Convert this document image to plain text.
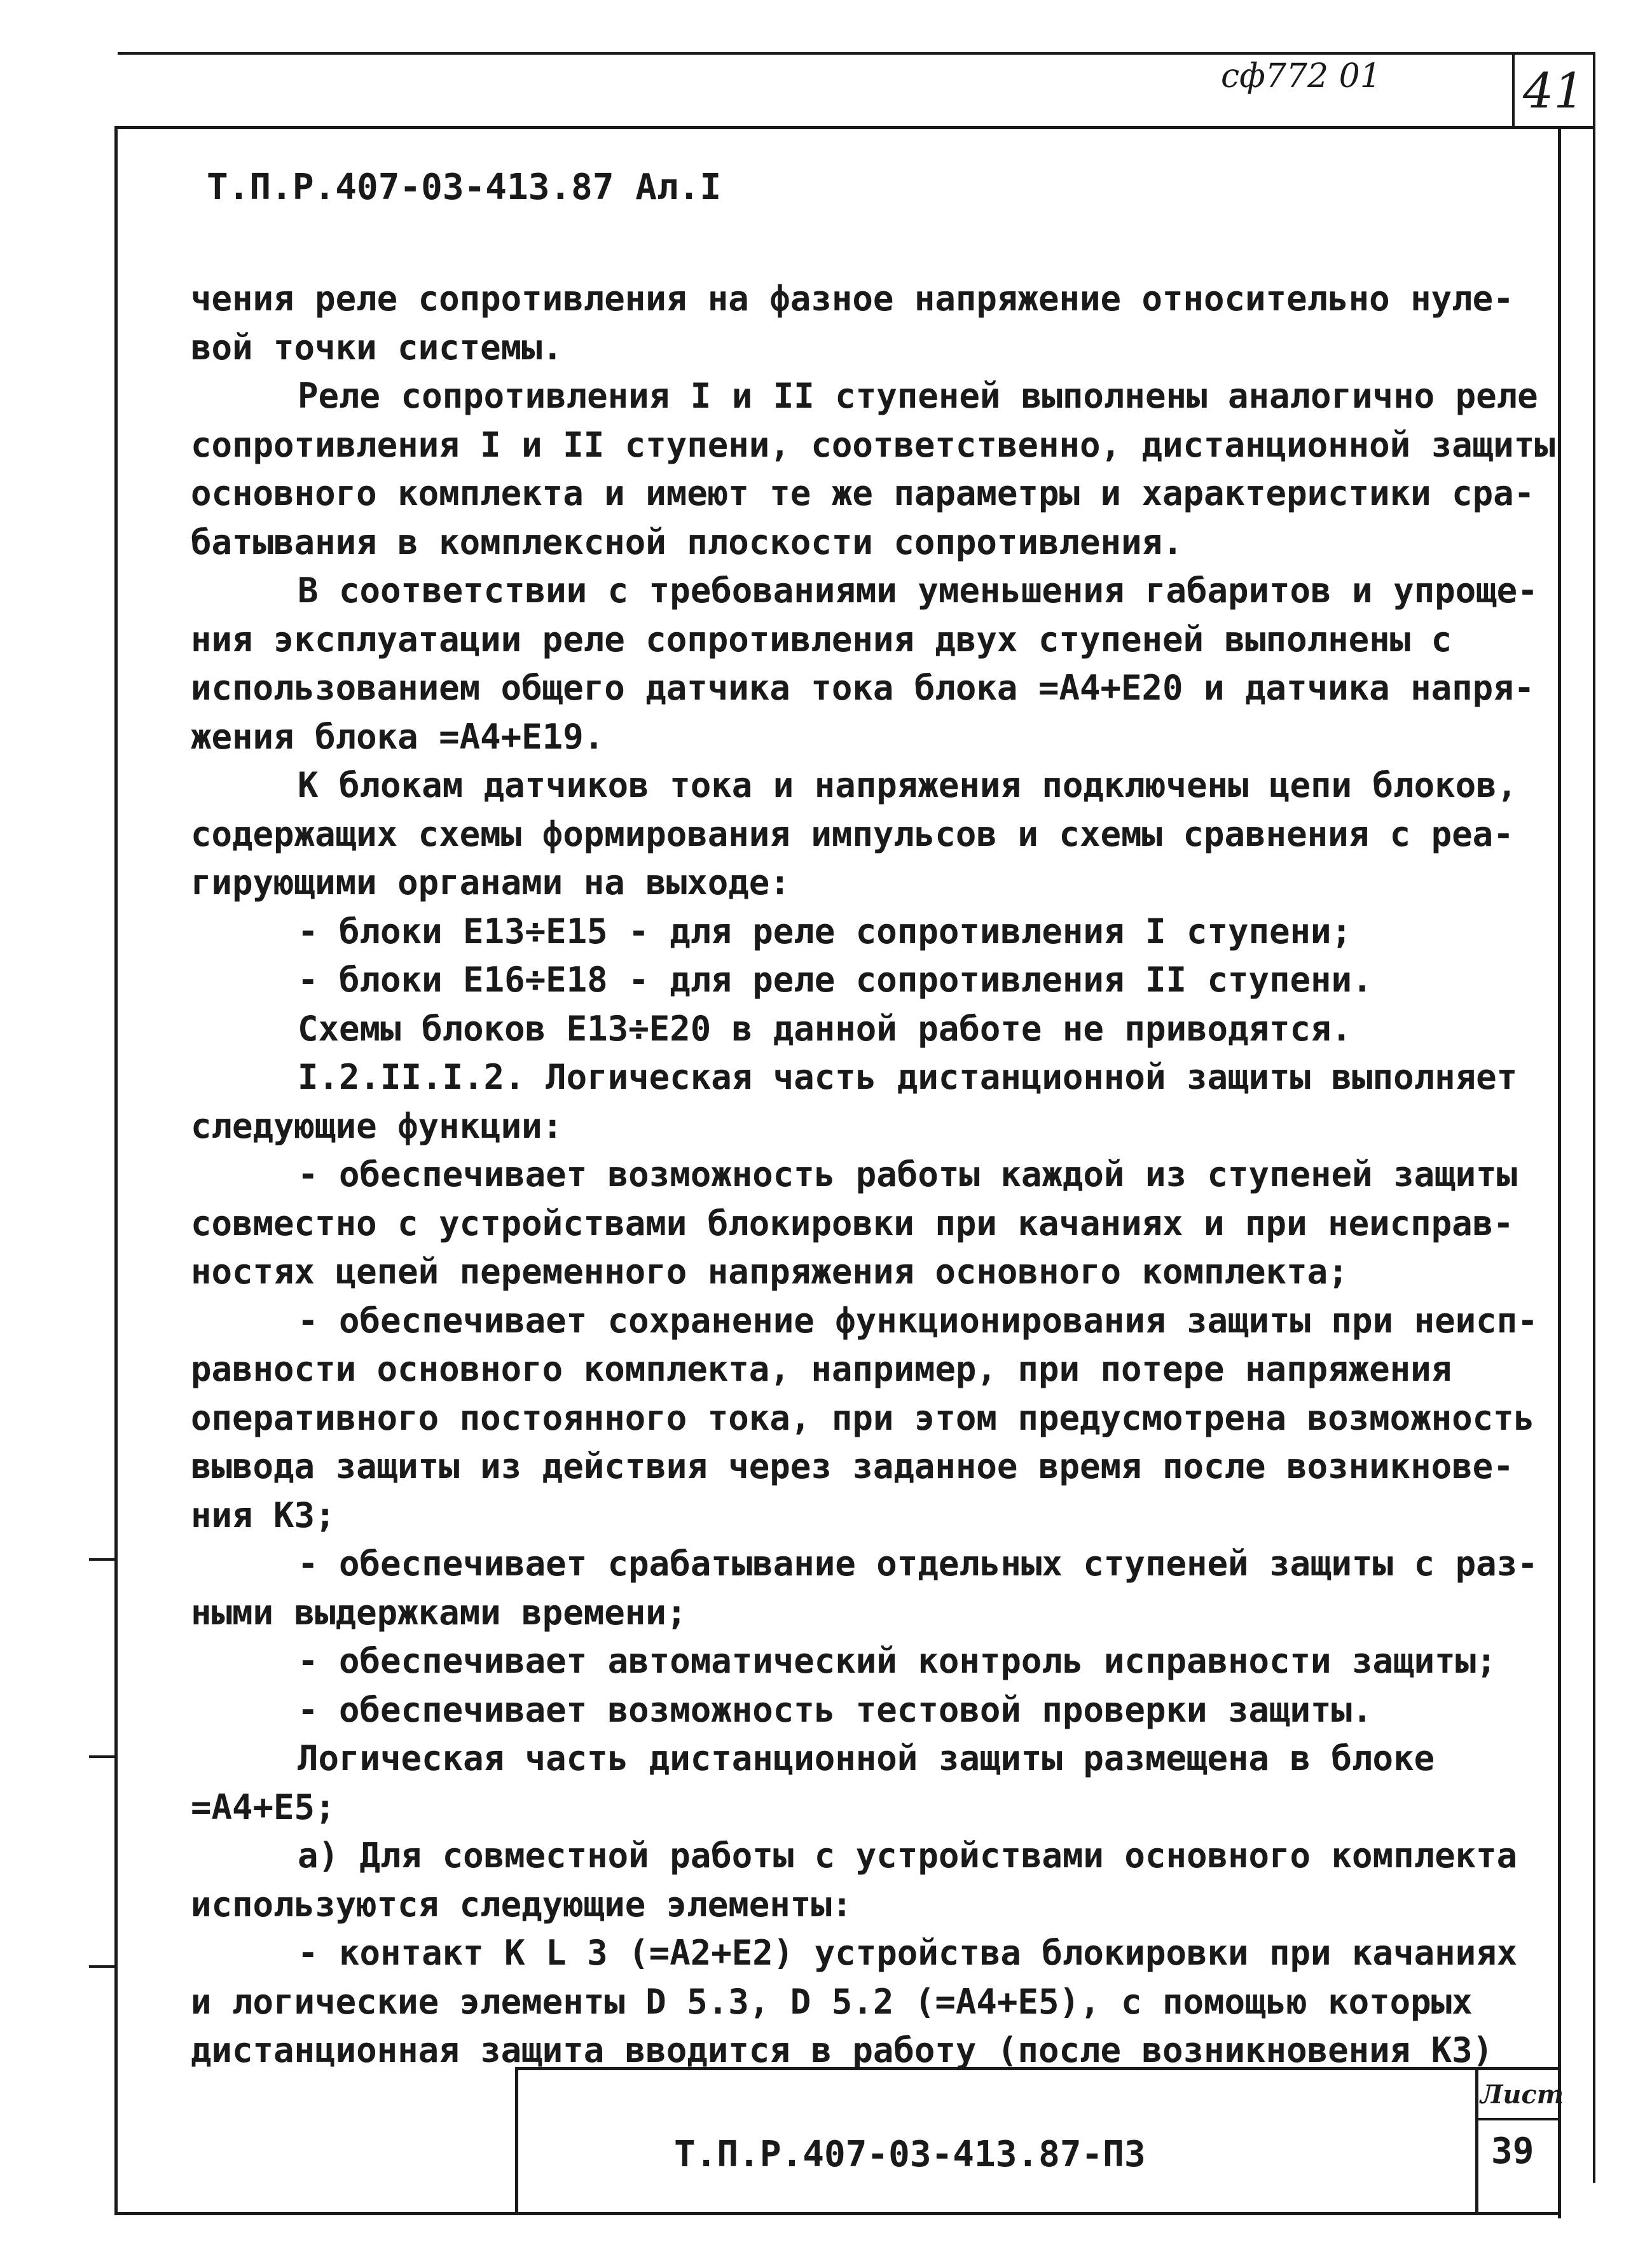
сф772 01	41
Т.П.Р.407-03-413.87 Ал.I
чения реле сопротивления на фазное напряжение относительно нуле-
вой точки системы.
Реле сопротивления I и II ступеней выполнены аналогично реле
сопротивления I и II ступени, соответственно, дистанционной защиты
основного комплекта и имеют те же параметры и характеристики сра-
батывания в комплексной плоскости сопротивления.
В соответствии с требованиями уменьшения габаритов и упроще-
ния эксплуатации реле сопротивления двух ступеней выполнены с
использованием общего датчика тока блока =А4+Е20 и датчика напря-
жения блока =А4+Е19.
К блокам датчиков тока и напряжения подключены цепи блоков,
содержащих схемы формирования импульсов и схемы сравнения с реа-
гирующими органами на выходе:
- блоки Е13÷Е15 - для реле сопротивления I ступени;
- блоки Е16÷Е18 - для реле сопротивления II ступени.
Схемы блоков Е13÷Е20 в данной работе не приводятся.
I.2.II.I.2. Логическая часть дистанционной защиты выполняет
следующие функции:
- обеспечивает возможность работы каждой из ступеней защиты
совместно с устройствами блокировки при качаниях и при неисправ-
ностях цепей переменного напряжения основного комплекта;
- обеспечивает сохранение функционирования защиты при неисп-
равности основного комплекта, например, при потере напряжения
оперативного постоянного тока, при этом предусмотрена возможность
вывода защиты из действия через заданное время после возникнове-
ния КЗ;
- обеспечивает срабатывание отдельных ступеней защиты с раз-
ными выдержками времени;
- обеспечивает автоматический контроль исправности защиты;
- обеспечивает возможность тестовой проверки защиты.
Логическая часть дистанционной защиты размещена в блоке
=А4+Е5;
а) Для совместной работы с устройствами основного комплекта
используются следующие элементы:
- контакт К L 3 (=А2+Е2) устройства блокировки при качаниях
и логические элементы D 5.3, D 5.2 (=А4+Е5), с помощью которых
дистанционная защита вводится в работу (после возникновения КЗ)
Т.П.Р.407-03-413.87-ПЗ
Лист
39
